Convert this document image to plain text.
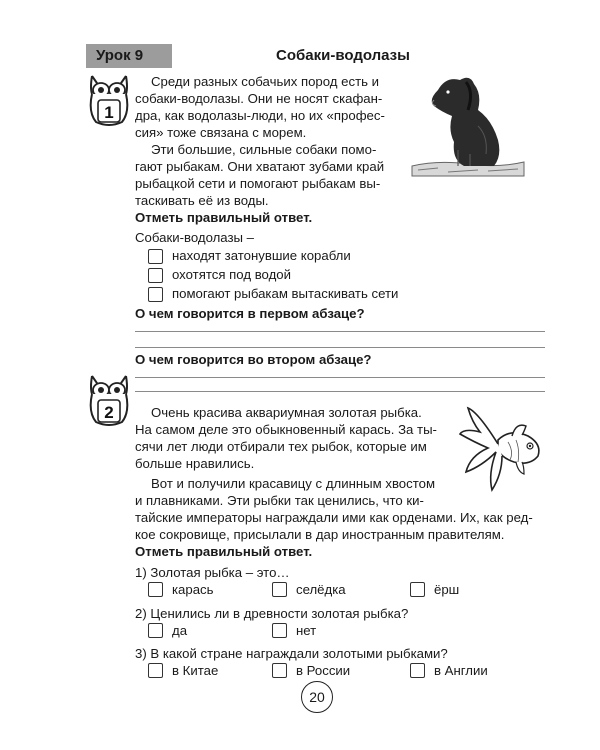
Урок 9	Собаки-водолазы
1

Среди разных собачьих пород есть и

собаки-водолазы. Они не носят скафан-

дра, как водолазы-люди, но их «профес-

сия» тоже связана с морем.

Эти большие, сильные собаки помо-

гают рыбакам. Они хватают зубами край

рыбацкой сети и помогают рыбакам вы-

таскивать её из воды.

Отметь правильный ответ.
Собаки-водолазы –
находят затонувшие корабли
охотятся под водой
помогают рыбакам вытаскивать сети
О чем говорится в первом абзаце?
О чем говорится во втором абзаце?
2	Очень красива аквариумная золотая рыбка.

На самом деле это обыкновенный карась. За ты-

сячи лет люди отбирали тех рыбок, которые им

больше нравились.

Вот и получили красавицу с длинным хвостом

и плавниками. Эти рыбки так ценились, что ки-

тайские императоры награждали ими как орденами. Их, как ред-

кое сокровище, присылали в дар иностранным правителям.

Отметь правильный ответ.
1) Золотая рыбка – это…
карась	селёдка	ёрш
2) Ценились ли в древности золотая рыбка?
да	нет
3) В какой стране награждали золотыми рыбками?
в Китае	в России	в Англии
20
